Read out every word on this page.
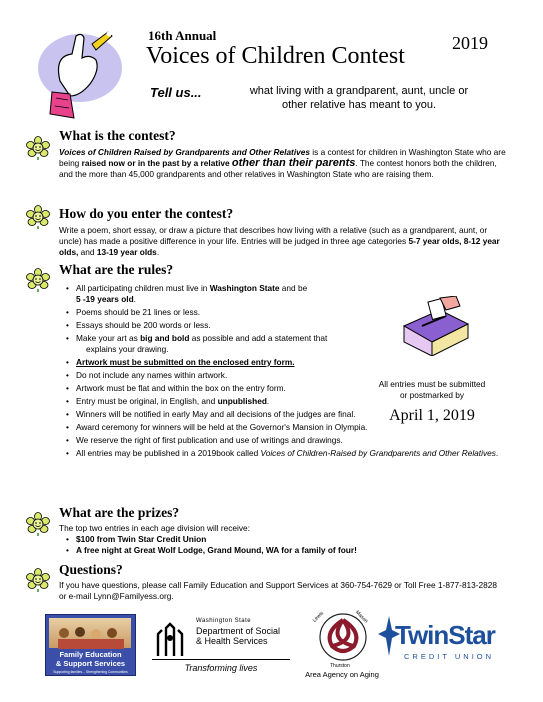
16th Annual
Voices of Children Contest	2019
Tell us...	what living with a grandparent, aunt, uncle or
other relative has meant to you.
What is the contest?
Voices of Children Raised by Grandparents and Other Relatives is a contest for children in Washington State who are being raised now or in the past by a relative other than their parents. The contest honors both the children, and the more than 45,000 grandparents and other relatives in Washington State who are raising them.
How do you enter the contest?
Write a poem, short essay, or draw a picture that describes how living with a relative (such as a grandparent, aunt, or uncle) has made a positive difference in your life. Entries will be judged in three age categories 5-7 year olds, 8-12 year olds, and 13-19 year olds.
What are the rules?
• All participating children must live in Washington State and be
5 -19 years old.
• Poems should be 21 lines or less.
• Essays should be 200 words or less.
• Make your art as big and bold as possible and add a statement that
explains your drawing.
• Artwork must be submitted on the enclosed entry form.
• Do not include any names within artwork.
• Artwork must be flat and within the box on the entry form.
• Entry must be original, in English, and unpublished.
• Winners will be notified in early May and all decisions of the judges are final.
• Award ceremony for winners will be held at the Governor's Mansion in Olympia.
• We reserve the right of first publication and use of writings and drawings.
• All entries may be published in a 2019book called Voices of Children-Raised by Grandparents and Other Relatives.
All entries must be submitted
or postmarked by
April 1, 2019
What are the prizes?
The top two entries in each age division will receive:
• $100 from Twin Star Credit Union
• A free night at Great Wolf Lodge, Grand Mound, WA for a family of four!
Questions?
If you have questions, please call Family Education and Support Services at 360-754-7629 or Toll Free 1-877-813-2828 or e-mail Lynn@Familyess.org.
Family Education
& Support Services
Supporting families... Strengthening Communities
Washington State
Department of Social
& Health Services
Transforming lives
Lewis	Mason
Thurston
Area Agency on Aging
TwinStar
CREDIT UNION
